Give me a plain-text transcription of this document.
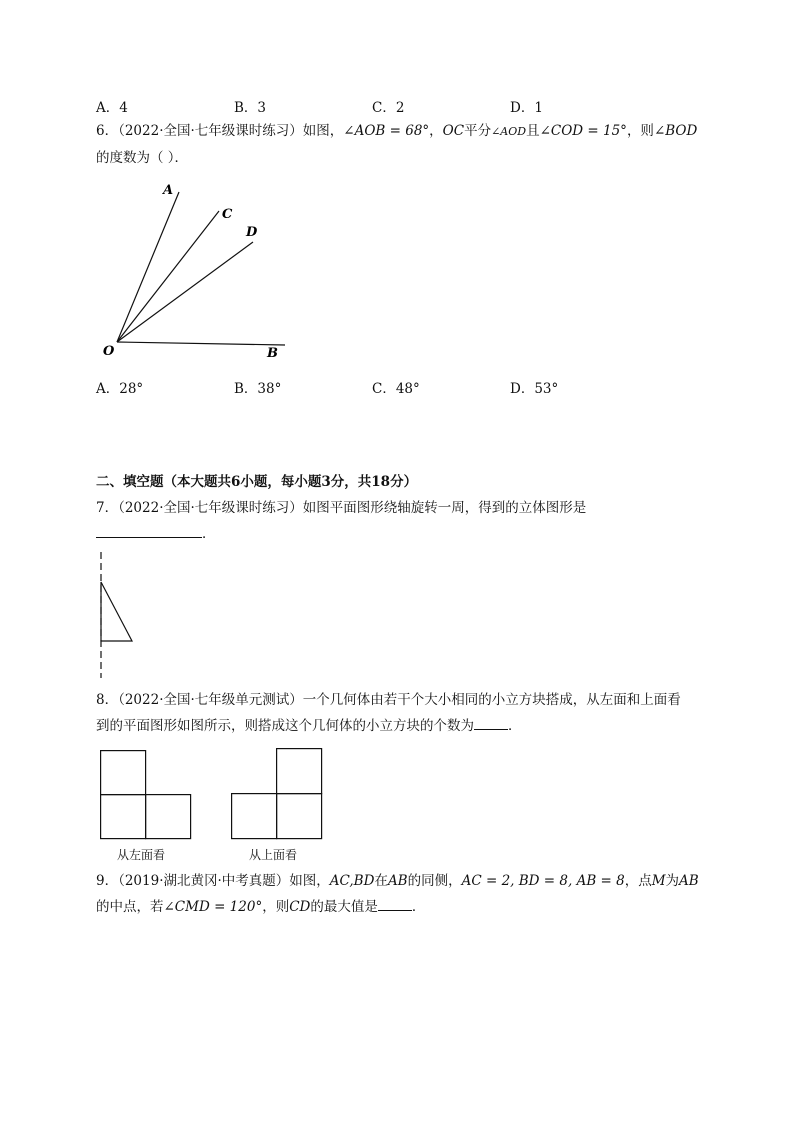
A．4	B．3	C．2	D．1
6．（2022·全国·七年级课时练习）如图，∠AOB = 68°，OC平分∠AOD且∠COD = 15°，则∠BOD
的度数为（ ）．
A
C
D
O	B
A．28°	B．38°	C．48°	D．53°
二、填空题（本大题共6小题，每小题3分，共18分）
7．（2022·全国·七年级课时练习）如图平面图形绕轴旋转一周，得到的立体图形是
．
8．（2022·全国·七年级单元测试）一个几何体由若干个大小相同的小立方块搭成，从左面和上面看
到的平面图形如图所示，则搭成这个几何体的小立方块的个数为	．
从左面看	从上面看
9．（2019·湖北黄冈·中考真题）如图，AC,BD在AB的同侧，AC = 2, BD = 8, AB = 8，点M为AB
的中点，若∠CMD = 120°，则CD的最大值是	．
